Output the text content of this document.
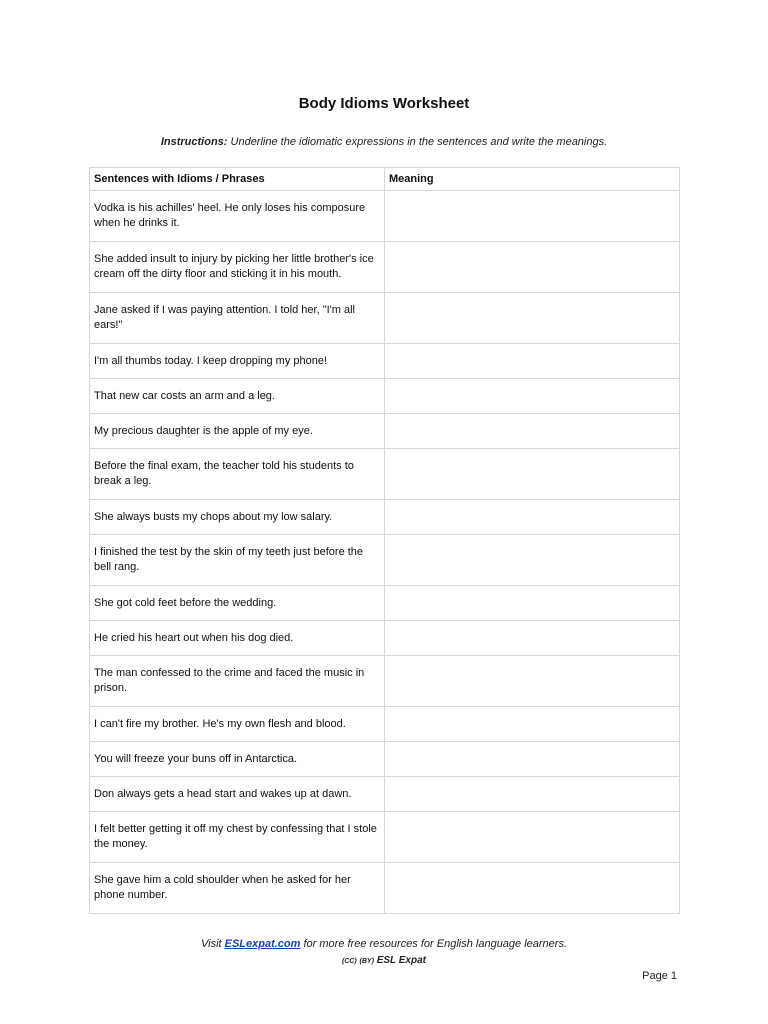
Body Idioms Worksheet
Instructions: Underline the idiomatic expressions in the sentences and write the meanings.
Sentences with Idioms / Phrases	Meaning
Vodka is his achilles' heel. He only loses his composure when he drinks it.	
She added insult to injury by picking her little brother's ice cream off the dirty floor and sticking it in his mouth.	
Jane asked if I was paying attention. I told her, "I'm all ears!"	
I'm all thumbs today. I keep dropping my phone!	
That new car costs an arm and a leg.	
My precious daughter is the apple of my eye.	
Before the final exam, the teacher told his students to break a leg.	
She always busts my chops about my low salary.	
I finished the test by the skin of my teeth just before the bell rang.	
She got cold feet before the wedding.	
He cried his heart out when his dog died.	
The man confessed to the crime and faced the music in prison.	
I can't fire my brother. He's my own flesh and blood.	
You will freeze your buns off in Antarctica.	
Don always gets a head start and wakes up at dawn.	
I felt better getting it off my chest by confessing that I stole the money.	
She gave him a cold shoulder when he asked for her phone number.	
Visit ESLexpat.com for more free resources for English language learners.
(CC) (BY) ESL Expat
Page 1
